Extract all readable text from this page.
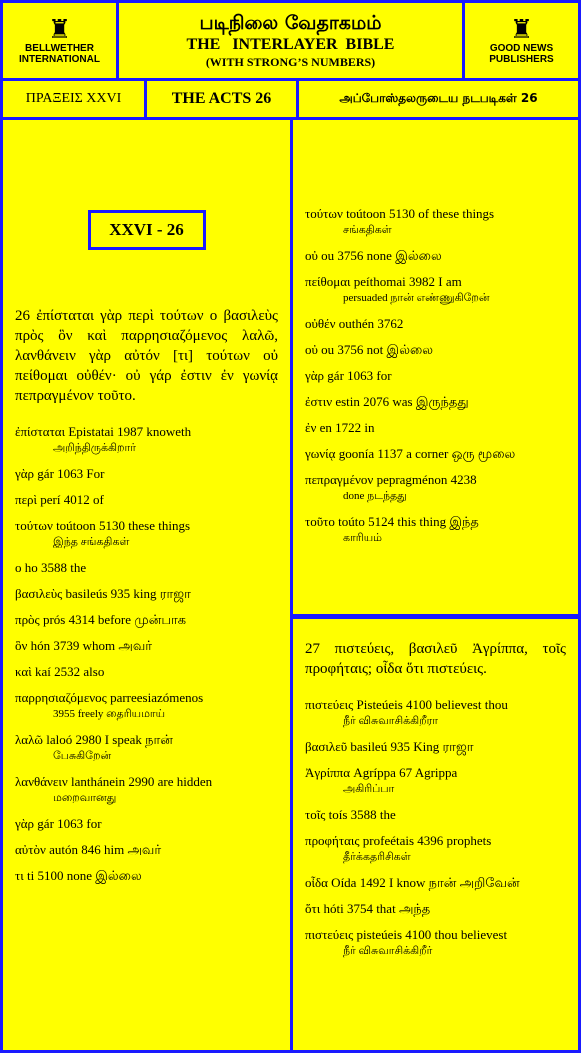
♜
BELLWETHER
INTERNATIONAL
படிநிலை வேதாகமம்
THE   INTERLAYER  BIBLE
(WITH STRONG’S NUMBERS)
♜
GOOD NEWS
PUBLISHERS
ΠΡΑΞΕΙΣ XXVI	THE ACTS 26	அப்போஸ்தலருடைய நடபடிகள் 26
XXVI - 26
26 ἐπίσταται γὰρ περὶ τούτων ο βασιλεὺς πρὸς ὃν καὶ παρρησιαζόμενος λαλῶ, λανθάνειν γὰρ αὐτόν [τι] τούτων οὐ πείθομαι οὐθέν· οὐ γάρ ἐστιν ἐν γωνίᾳ πεπραγμένον τοῦτο.
ἐπίσταται Epistatai 1987 knoweth
அறிந்திருக்கிறார்
γὰρ gár 1063 For
περὶ perí 4012 of
τούτων toútoon 5130 these things
இந்த சங்கதிகள்
ο ho 3588 the
βασιλεὺς basileús 935 king ராஜா
πρὸς prós 4314 before முன்பாக
ὃν hón 3739 whom அவர்
καὶ kaí 2532 also
παρρησιαζόμενος parreesiazómenos
3955 freely தைரியமாய்
λαλῶ laloó 2980 I speak நான்
பேசுகிறேன்
λανθάνειν lanthánein 2990 are hidden
மறைவானது
γὰρ gár 1063 for
αὐτὸν autón 846 him அவர்
τι ti 5100 none இல்லை
τούτων toútoon 5130 of these things
சங்கதிகள்
οὐ ou 3756 none இல்லை
πείθομαι peíthomai 3982 I am
persuaded நான் எண்ணுகிறேன்
οὐθέν outhén 3762
οὐ ou 3756 not இல்லை
γὰρ gár 1063 for
ἐστιν estin 2076 was இருந்தது
ἐν en 1722 in
γωνίᾳ goonía 1137 a corner ஒரு மூலை
πεπραγμένον pepragménon 4238
done நடந்தது
τοῦτο toúto 5124 this thing இந்த
காரியம்
27 πιστεύεις, βασιλεῦ Ἀγρίππα, τοῖς προφήταις; οἶδα ὅτι πιστεύεις.
πιστεύεις Pisteúeis 4100 believest thou
நீர் விசுவாசிக்கிறீரா
βασιλεῦ basileú 935 King ராஜா
Ἀγρίππα Agríppa 67 Agrippa
அகிரிப்பா
τοῖς toís 3588 the
προφήταις profeétais 4396 prophets
தீர்க்கதரிசிகள்
οἶδα Oída 1492 I know நான் அறிவேன்
ὅτι hóti 3754 that அந்த
πιστεύεις pisteúeis 4100 thou believest
நீர் விசுவாசிக்கிறீர்
